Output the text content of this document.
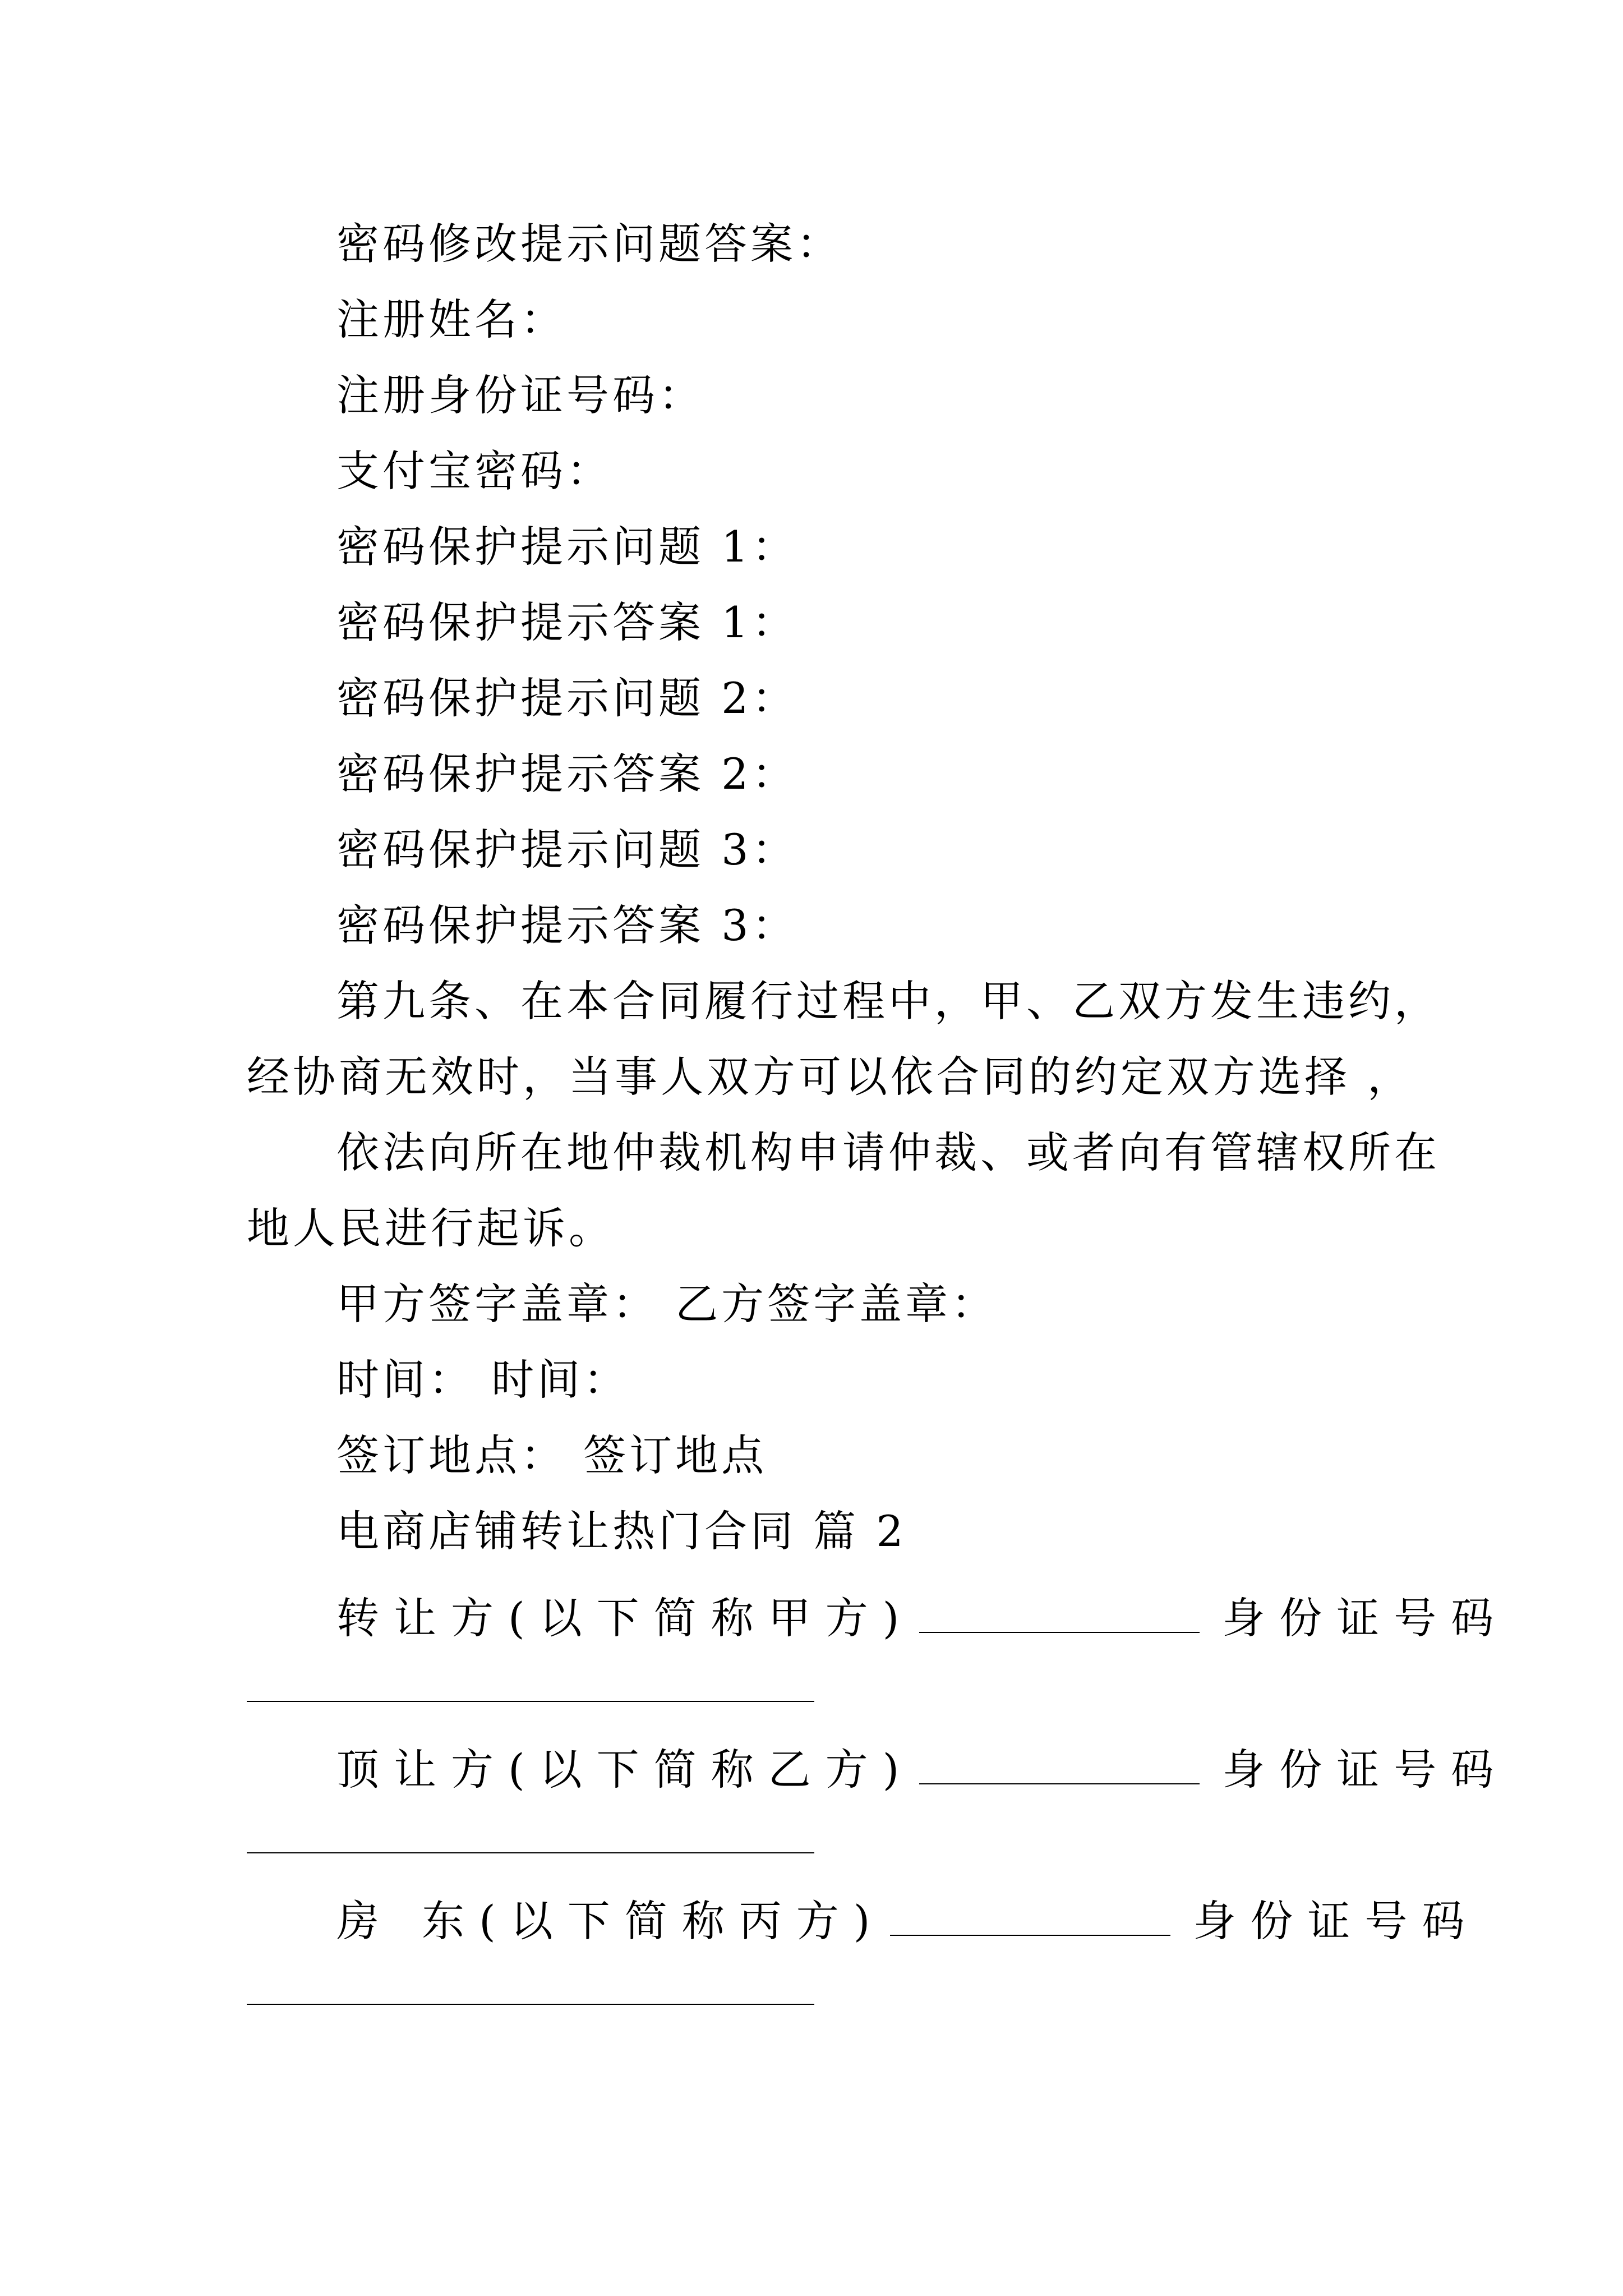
密码修改提示问题答案：
注册姓名：
注册身份证号码：
支付宝密码：
密码保护提示问题 1：
密码保护提示答案 1：
密码保护提示问题 2：
密码保护提示答案 2：
密码保护提示问题 3：
密码保护提示答案 3：
第九条、在本合同履行过程中，甲、乙双方发生违约，
经协商无效时，当事人双方可以依合同的约定双方选择 ，
依法向所在地仲裁机构申请仲裁、或者向有管辖权所在
地人民进行起诉。
甲方签字盖章： 乙方签字盖章：
时间： 时间：
签订地点： 签订地点
电商店铺转让热门合同 篇 2
转让方(以下简称甲方)	身份证号码
顶让方(以下简称乙方)	身份证号码
房 东(以下简称丙方)	身份证号码
